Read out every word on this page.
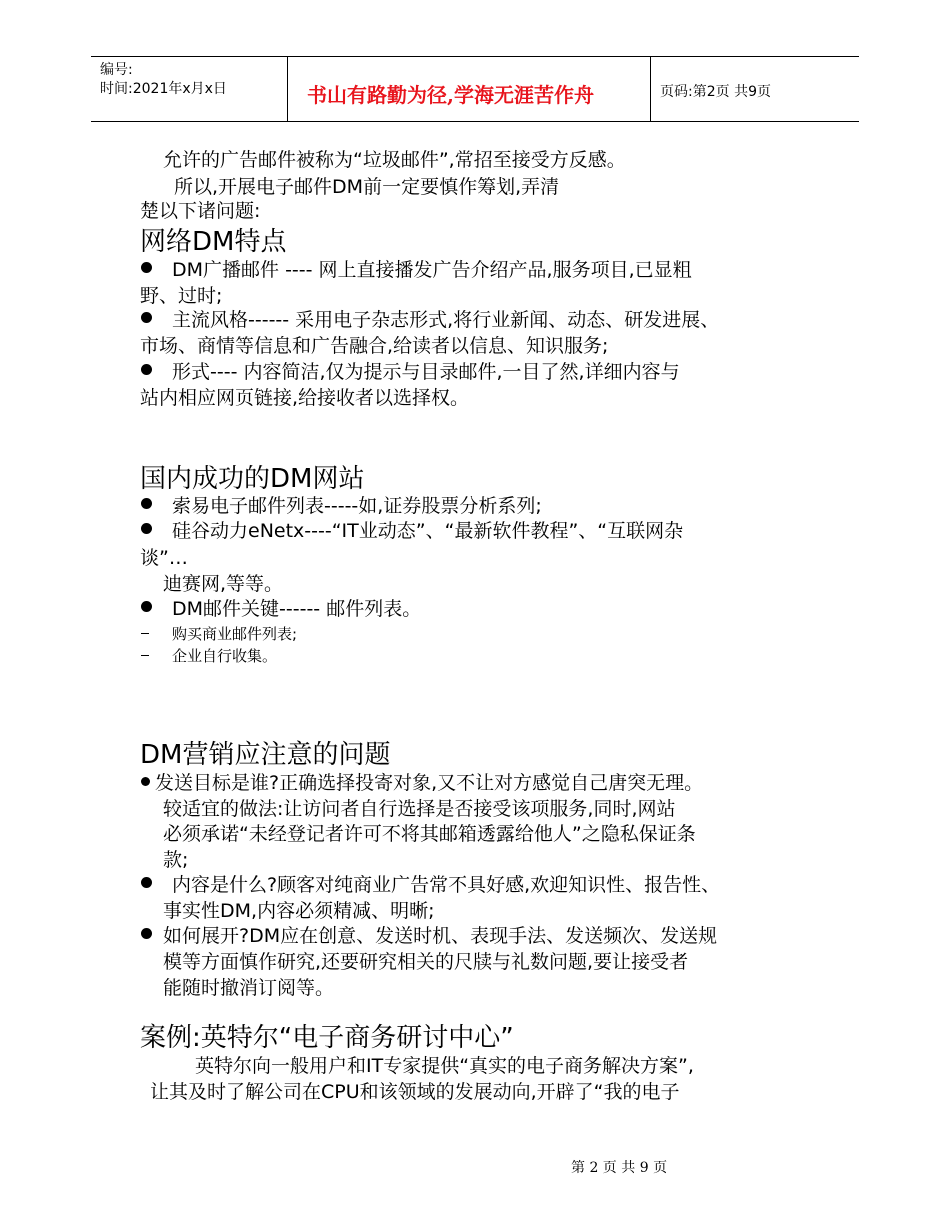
编号:
时间:2021年x月x日	书山有路勤为径,学海无涯苦作舟	页码:第2页 共9页
允许的广告邮件被称为“垃圾邮件”,常招至接受方反感。
所以,开展电子邮件DM前一定要慎作筹划,弄清
楚以下诸问题:
网络DM特点
DM广播邮件 ---- 网上直接播发广告介绍产品,服务项目,已显粗
野、过时;
主流风格------ 采用电子杂志形式,将行业新闻、动态、研发进展、
市场、商情等信息和广告融合,给读者以信息、知识服务;
形式---- 内容简洁,仅为提示与目录邮件,一目了然,详细内容与
站内相应网页链接,给接收者以选择权。
国内成功的DM网站
索易电子邮件列表-----如,证券股票分析系列;
硅谷动力eNetx----“IT业动态”、“最新软件教程”、“互联网杂
谈”…
迪赛网,等等。
DM邮件关键------ 邮件列表。
购买商业邮件列表;
企业自行收集。
DM营销应注意的问题
发送目标是谁?正确选择投寄对象,又不让对方感觉自己唐突无理。
较适宜的做法:让访问者自行选择是否接受该项服务,同时,网站
必须承诺“未经登记者许可不将其邮箱透露给他人”之隐私保证条
款;
内容是什么?顾客对纯商业广告常不具好感,欢迎知识性、报告性、
事实性DM,内容必须精减、明晰;
如何展开?DM应在创意、发送时机、表现手法、发送频次、发送规
模等方面慎作研究,还要研究相关的尺牍与礼数问题,要让接受者
能随时撤消订阅等。
案例:英特尔“电子商务研讨中心”
英特尔向一般用户和IT专家提供“真实的电子商务解决方案”,
让其及时了解公司在CPU和该领域的发展动向,开辟了“我的电子
第 2 页 共 9 页
